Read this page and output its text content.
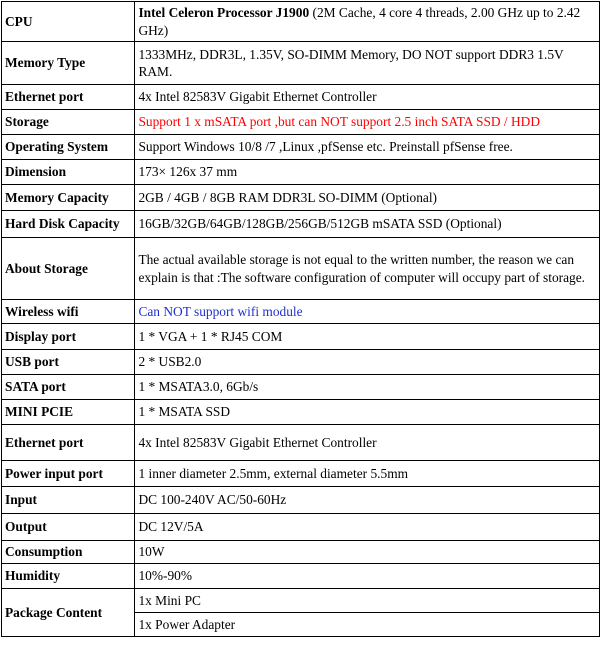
CPU	Intel Celeron Processor J1900 (2M Cache, 4 core 4 threads, 2.00 GHz up to 2.42 GHz)
Memory Type	1333MHz, DDR3L, 1.35V, SO-DIMM Memory, DO NOT support DDR3 1.5V RAM.
Ethernet port	4x Intel 82583V Gigabit Ethernet Controller
Storage	Support 1 x mSATA port ,but can NOT support 2.5 inch SATA SSD / HDD
Operating System	Support Windows 10/8 /7 ,Linux ,pfSense etc. Preinstall pfSense free.
Dimension	173× 126x 37 mm
Memory Capacity	2GB / 4GB / 8GB RAM DDR3L SO-DIMM (Optional)
Hard Disk Capacity	16GB/32GB/64GB/128GB/256GB/512GB mSATA SSD (Optional)
About Storage	The actual available storage is not equal to the written number, the reason we can explain is that :The software configuration of computer will occupy part of storage.
Wireless wifi	Can NOT support wifi module
Display port	1 * VGA + 1 * RJ45 COM
USB port	2 * USB2.0
SATA port	1 * MSATA3.0, 6Gb/s
MINI PCIE	1 * MSATA SSD
Ethernet port	4x Intel 82583V Gigabit Ethernet Controller
Power input port	1 inner diameter 2.5mm, external diameter 5.5mm
Input	DC 100-240V AC/50-60Hz
Output	DC 12V/5A
Consumption	10W
Humidity	10%-90%
Package Content	1x Mini PC
	1x Power Adapter
